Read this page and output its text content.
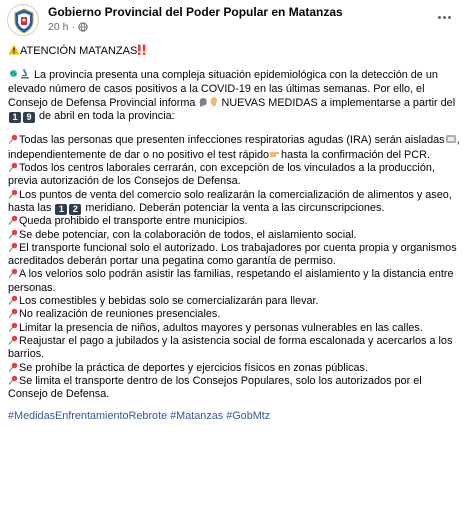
Gobierno Provincial del Poder Popular en Matanzas
20 h ·
ATENCIÓN MATANZAS
La provincia presenta una compleja situación epidemiológica con la detección de un elevado número de casos positivos a la COVID-19 en las últimas semanas. Por ello, el Consejo de Defensa Provincial informa  NUEVAS MEDIDAS a implementarse a partir del 1 9 de abril en toda la provincia:
Todas las personas que presenten infecciones respiratorias agudas (IRA) serán aisladas , independientemente de dar o no positivo el test rápido hasta la confirmación del PCR.
Todos los centros laborales cerrarán, con excepción de los vinculados a la producción, previa autorización de los Consejos de Defensa.
Los puntos de venta del comercio solo realizarán la comercialización de alimentos y aseo, hasta las 1 2 meridiano. Deberán potenciar la venta a las circunscripciones.
Queda prohibido el transporte entre municipios.
Se debe potenciar, con la colaboración de todos, el aislamiento social.
El transporte funcional solo el autorizado. Los trabajadores por cuenta propia y organismos acreditados deberán portar una pegatina como garantía de permiso.
A los velorios solo podrán asistir las familias, respetando el aislamiento y la distancia entre personas.
Los comestibles y bebidas solo se comercializarán para llevar.
No realización de reuniones presenciales.
Limitar la presencia de niños, adultos mayores y personas vulnerables en las calles.
Reajustar el pago a jubilados y la asistencia social de forma escalonada y acercarlos a los barrios.
Se prohíbe la práctica de deportes y ejercicios físicos en zonas públicas.
Se limita el transporte dentro de los Consejos Populares, solo los autorizados por el Consejo de Defensa.
#MedidasEnfrentamientoRebrote #Matanzas #GobMtz
